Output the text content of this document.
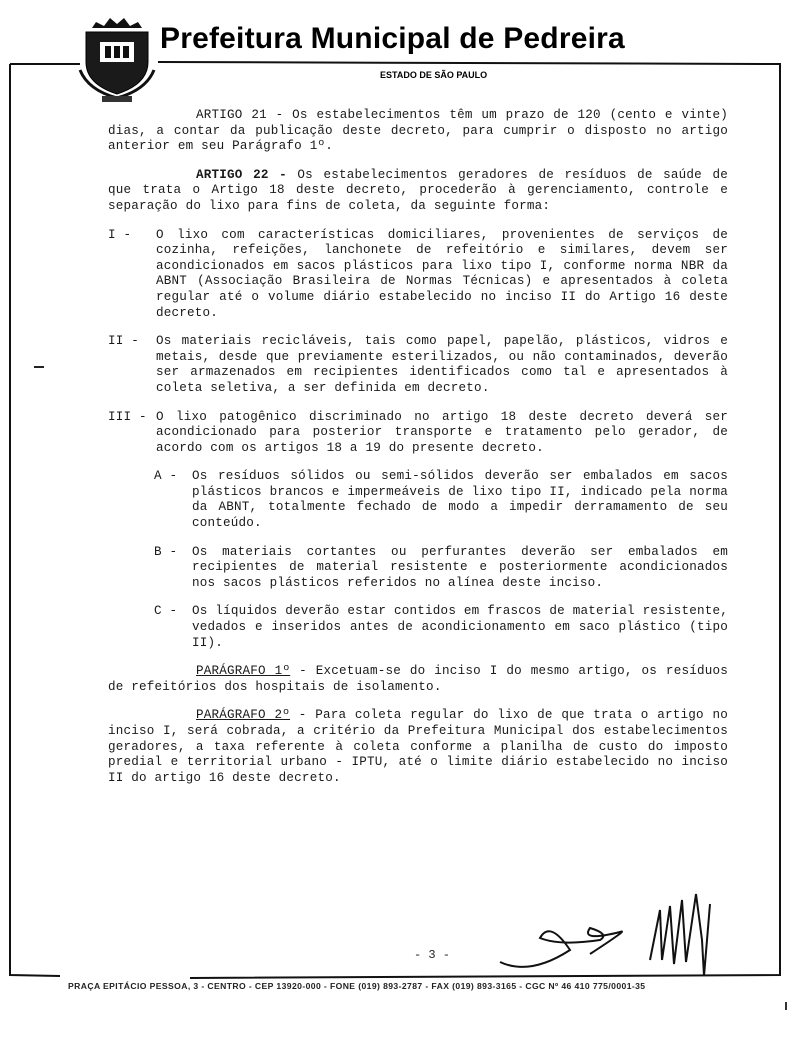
Prefeitura Municipal de Pedreira
ESTADO DE SÃO PAULO

ARTIGO 21 - Os estabelecimentos têm um prazo de 120 (cento e vinte) dias, a contar da publicação deste decreto, para cumprir o disposto no artigo anterior em seu Parágrafo 1º.

ARTIGO 22 - Os estabelecimentos geradores de resíduos de saúde de que trata o Artigo 18 deste decreto, procederão à gerenciamento, controle e separação do lixo para fins de coleta, da seguinte forma:

I -	O lixo com características domiciliares, provenientes de serviços de cozinha, refeições, lanchonete de refeitório e similares, devem ser acondicionados em sacos plásticos para lixo tipo I, conforme norma NBR da ABNT (Associação Brasileira de Normas Técnicas) e apresentados à coleta regular até o volume diário estabelecido no inciso II do Artigo 16 deste decreto.
II -	Os materiais recicláveis, tais como papel, papelão, plásticos, vidros e metais, desde que previamente esterilizados, ou não contaminados, deverão ser armazenados em recipientes identificados como tal e apresentados à coleta seletiva, a ser definida em decreto.
III - O lixo patogênico discriminado no artigo 18 deste decreto deverá ser acondicionado para posterior transporte e tratamento pelo gerador, de acordo com os artigos 18 a 19 do presente decreto.
A -	Os resíduos sólidos ou semi-sólidos deverão ser embalados em sacos plásticos brancos e impermeáveis de lixo tipo II, indicado pela norma da ABNT, totalmente fechado de modo a impedir derramamento de seu conteúdo.
B -	Os materiais cortantes ou perfurantes deverão ser embalados em recipientes de material resistente e posteriormente acondicionados nos sacos plásticos referidos no alínea deste inciso.
C -	Os líquidos deverão estar contidos em frascos de material resistente, vedados e inseridos antes de acondicionamento em saco plástico (tipo II).

PARÁGRAFO 1º - Excetuam-se do inciso I do mesmo artigo, os resíduos de refeitórios dos hospitais de isolamento.

PARÁGRAFO 2º - Para coleta regular do lixo de que trata o artigo no inciso I, será cobrada, a critério da Prefeitura Municipal dos estabelecimentos geradores, a taxa referente à coleta conforme a planilha de custo do imposto predial e territorial urbano - IPTU, até o limite diário estabelecido no inciso II do artigo 16 deste decreto.

- 3 -
PRAÇA EPITÁCIO PESSOA, 3 - CENTRO - CEP 13920-000 - FONE (019) 893-2787 - FAX (019) 893-3165 - CGC Nº 46 410 775/0001-35
